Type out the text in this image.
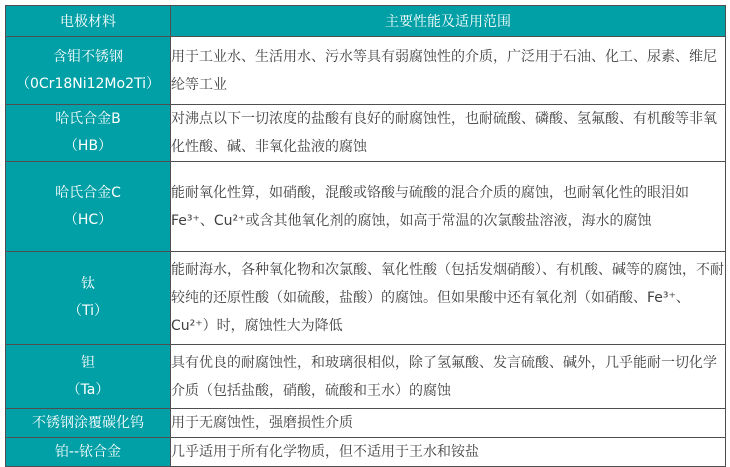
电极材料	主要性能及适用范围

含钼不锈钢
（0Cr18Ni12Mo2Ti）	用于工业水、生活用水、污水等具有弱腐蚀性的介质，广泛用于石油、化工、尿素、维尼纶等工业

哈氏合金B
（HB）	对沸点以下一切浓度的盐酸有良好的耐腐蚀性，也耐硫酸、磷酸、氢氟酸、有机酸等非氧化性酸、碱、非氧化盐液的腐蚀

哈氏合金C
（HC）	能耐氧化性算，如硝酸，混酸或铬酸与硫酸的混合介质的腐蚀，也耐氧化性的眼泪如Fe³⁺、Cu²⁺或含其他氧化剂的腐蚀，如高于常温的次氯酸盐溶液，海水的腐蚀

钛
（Ti）	能耐海水，各种氧化物和次氯酸、氧化性酸（包括发烟硝酸）、有机酸、碱等的腐蚀，不耐较纯的还原性酸（如硫酸，盐酸）的腐蚀。但如果酸中还有氧化剂（如硝酸、Fe³⁺、Cu²⁺）时，腐蚀性大为降低

钽
（Ta）	具有优良的耐腐蚀性，和玻璃很相似，除了氢氟酸、发言硫酸、碱外，几乎能耐一切化学介质（包括盐酸，硝酸，硫酸和王水）的腐蚀

不锈钢涂覆碳化钨	用于无腐蚀性，强磨损性介质

铂--铱合金	几乎适用于所有化学物质，但不适用于王水和铵盐
